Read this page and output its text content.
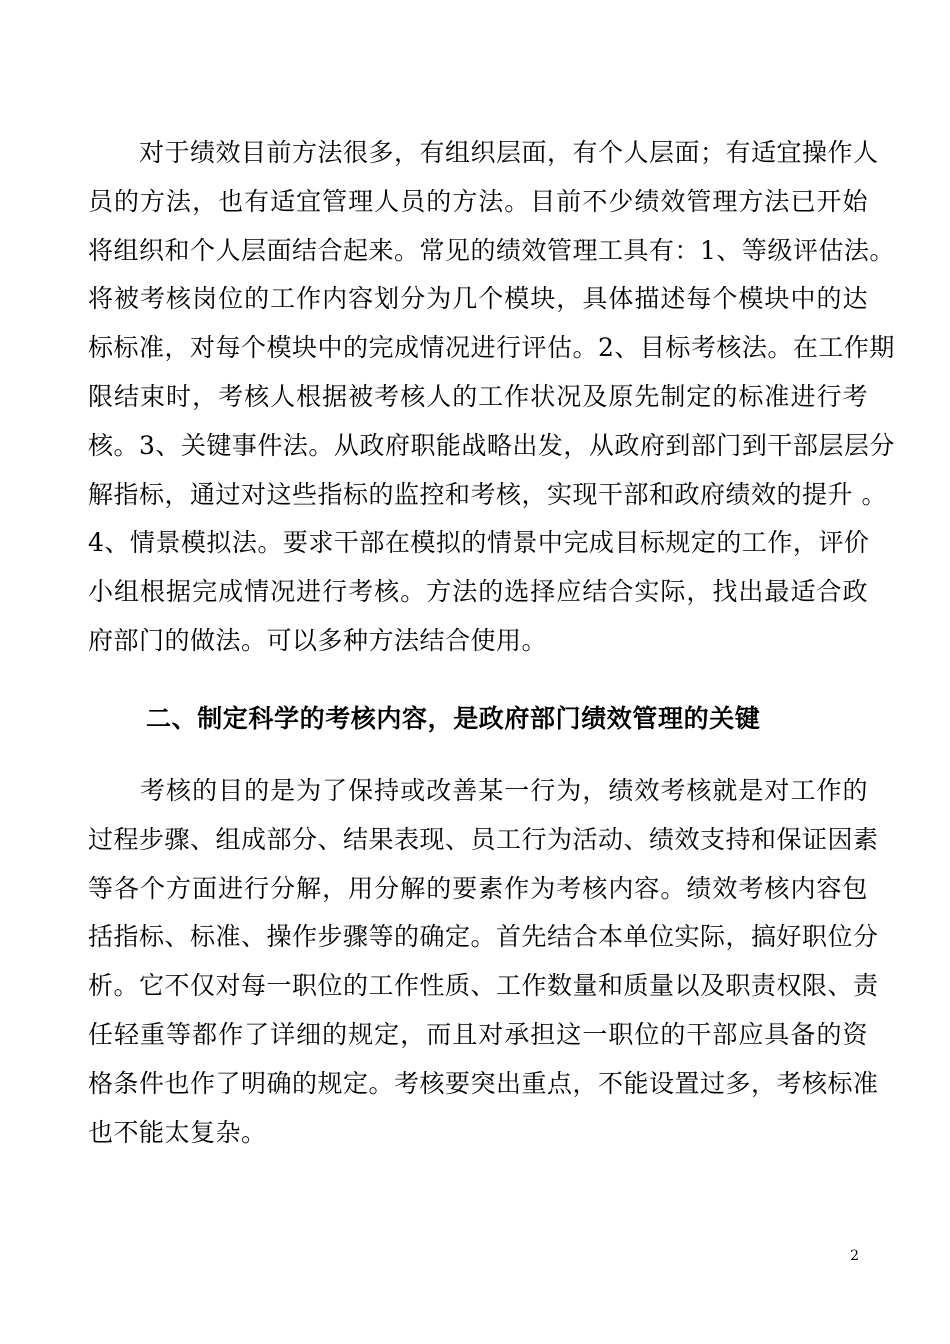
　　对于绩效目前方法很多，有组织层面，有个人层面；有适宜操作人
员的方法，也有适宜管理人员的方法。目前不少绩效管理方法已开始
将组织和个人层面结合起来。常见的绩效管理工具有：1、等级评估法。
将被考核岗位的工作内容划分为几个模块，具体描述每个模块中的达
标标准，对每个模块中的完成情况进行评估。2、目标考核法。在工作期
限结束时，考核人根据被考核人的工作状况及原先制定的标准进行考
核。3、关键事件法。从政府职能战略出发，从政府到部门到干部层层分
解指标，通过对这些指标的监控和考核，实现干部和政府绩效的提升 。
4、情景模拟法。要求干部在模拟的情景中完成目标规定的工作，评价
小组根据完成情况进行考核。方法的选择应结合实际，找出最适合政
府部门的做法。可以多种方法结合使用。
二、制定科学的考核内容，是政府部门绩效管理的关键
　　考核的目的是为了保持或改善某一行为，绩效考核就是对工作的
过程步骤、组成部分、结果表现、员工行为活动、绩效支持和保证因素
等各个方面进行分解，用分解的要素作为考核内容。绩效考核内容包
括指标、标准、操作步骤等的确定。首先结合本单位实际，搞好职位分
析。它不仅对每一职位的工作性质、工作数量和质量以及职责权限、责
任轻重等都作了详细的规定，而且对承担这一职位的干部应具备的资
格条件也作了明确的规定。考核要突出重点，不能设置过多，考核标准
也不能太复杂。
2
